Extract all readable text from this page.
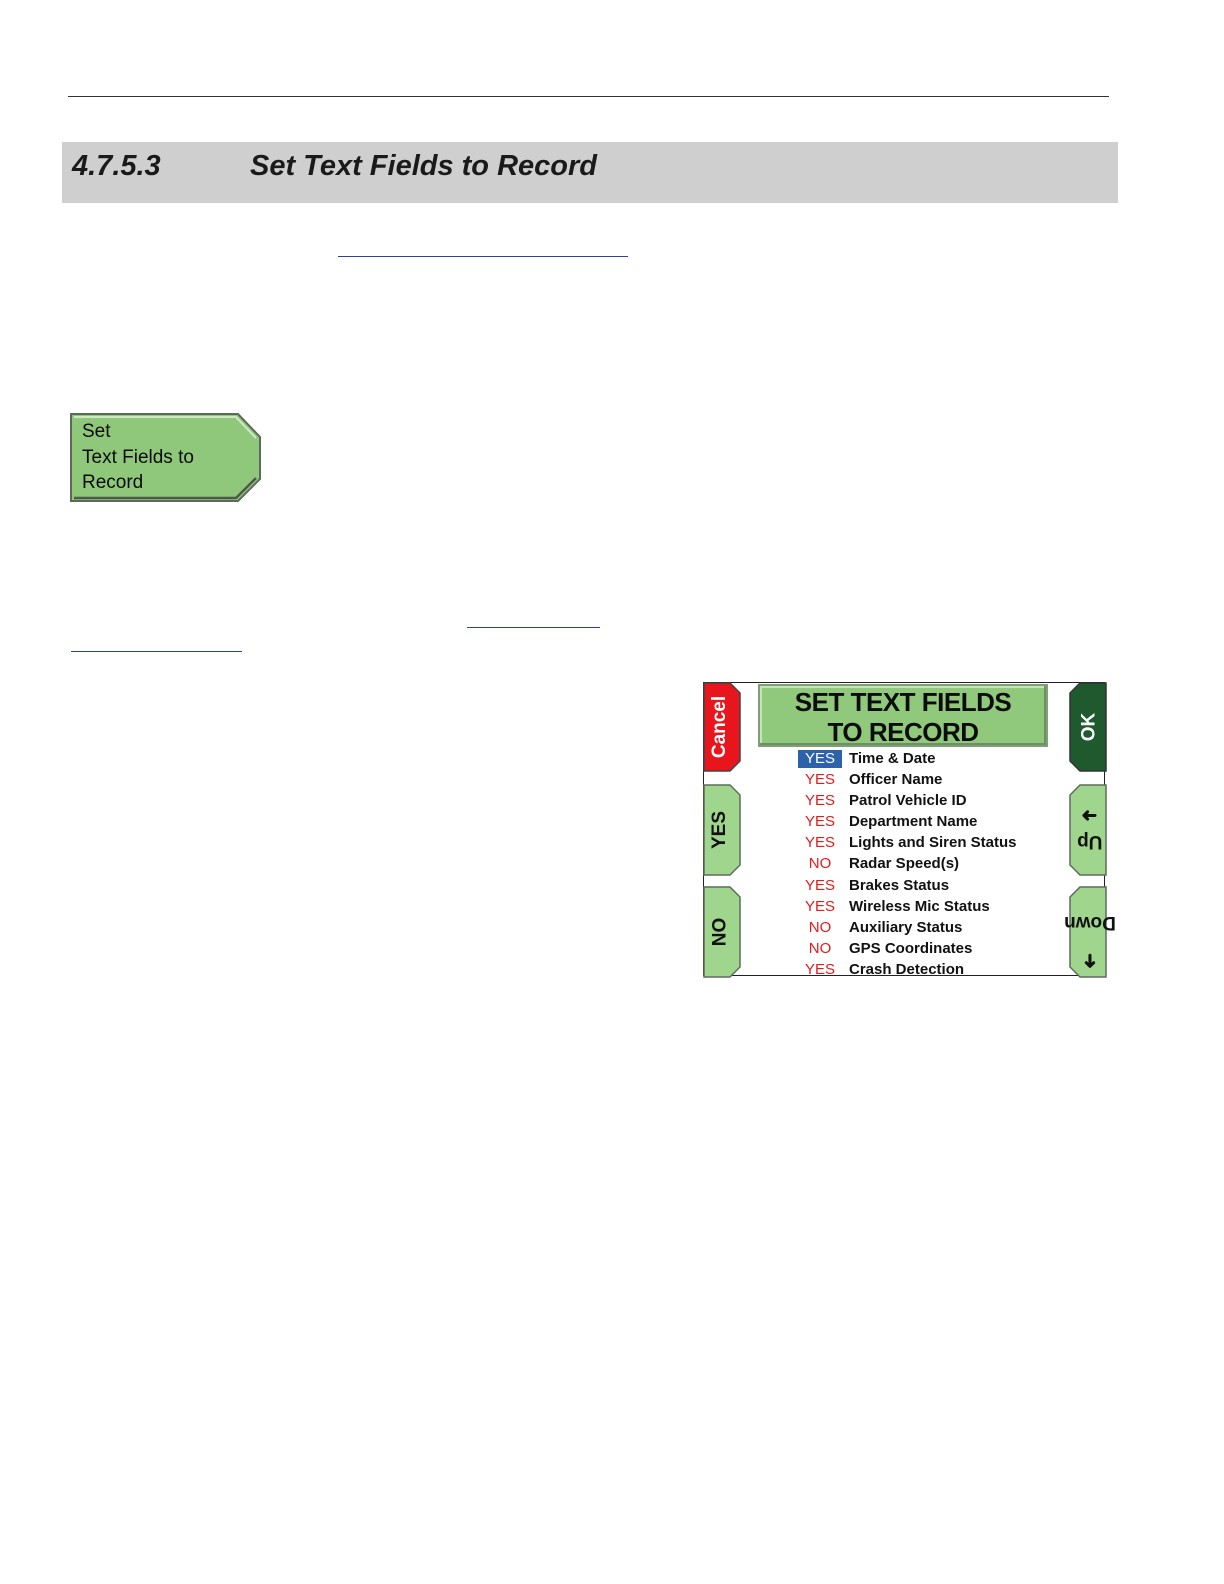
4.7.5.3	Set Text Fields to Record
Set
Text Fields to
Record
Cancel
YES
NO
OK
Up ➜
➜ Down
SET TEXT FIELDS
TO RECORD
YES Time & Date
YES Officer Name
YES Patrol Vehicle ID
YES Department Name
YES Lights and Siren Status
NO	Radar Speed(s)
YES Brakes Status
YES Wireless Mic Status
NO	Auxiliary Status
NO	GPS Coordinates
YES Crash Detection
